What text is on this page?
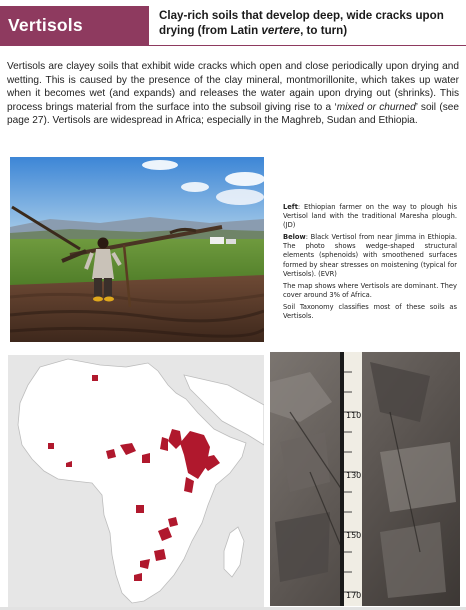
Vertisols	Clay-rich soils that develop deep, wide cracks upon drying (from Latin vertere, to turn)

Vertisols are clayey soils that exhibit wide cracks which open and close periodically upon drying and wetting. This is caused by the presence of the clay mineral, montmorillonite, which takes up water when it becomes wet (and expands) and releases the water again upon drying out (shrinks). This process brings material from the surface into the subsoil giving rise to a ‘mixed or churned’ soil (see page 27). Vertisols are widespread in Africa; especially in the Maghreb, Sudan and Ethiopia.

Left: Ethiopian farmer on the way to plough his Vertisol land with the traditional Maresha plough. (JD)

Below: Black Vertisol from near Jimma in Ethiopia. The photo shows wedge-shaped structural elements (sphenoids) with smoothened surfaces formed by shear stresses on moistening (typical for Vertisols). (EVR)

The map shows where Vertisols are dominant. They cover around 3% of Africa.

Soil Taxonomy classifies most of these soils as Vertisols.

110
130
150
170
